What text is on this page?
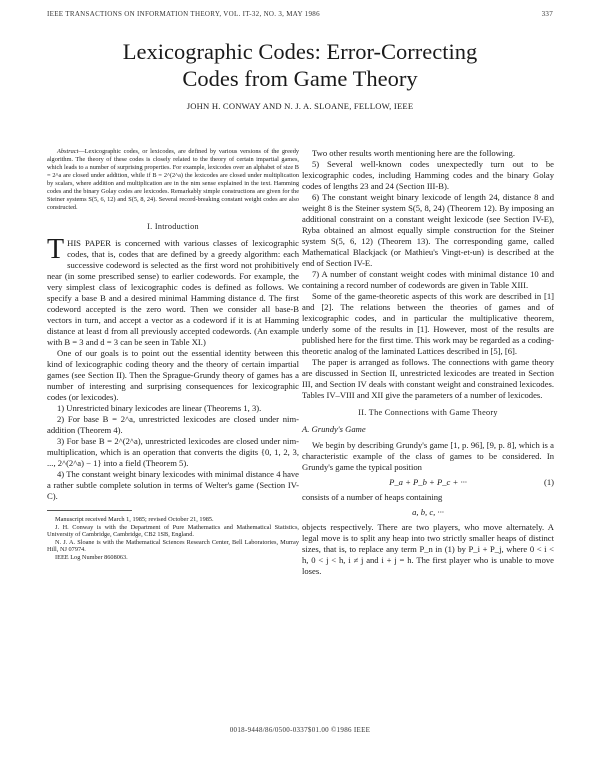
IEEE TRANSACTIONS ON INFORMATION THEORY, VOL. IT-32, NO. 3, MAY 1986	337
Lexicographic Codes: Error-Correcting
Codes from Game Theory
JOHN H. CONWAY AND N. J. A. SLOANE, FELLOW, IEEE
Abstract—Lexicographic codes, or lexicodes, are defined by various versions of the greedy algorithm. The theory of these codes is closely related to the theory of certain impartial games, which leads to a number of surprising properties. For example, lexicodes over an alphabet of size B = 2^a are closed under addition, while if B = 2^(2^a) the lexicodes are closed under multiplication by scalars, where addition and multiplication are in the nim sense explained in the text. Hamming codes and the binary Golay codes are lexicodes. Remarkably simple constructions are given for the Steiner systems S(5, 6, 12) and S(5, 8, 24). Several record-breaking constant weight codes are also constructed.
I. Introduction

THIS PAPER is concerned with various classes of lexicographic codes, that is, codes that are defined by a greedy algorithm: each successive codeword is selected as the first word not prohibitively near (in some prescribed sense) to earlier codewords. For example, the very simplest class of lexicographic codes is defined as follows. We specify a base B and a desired minimal Hamming distance d. The first codeword accepted is the zero word. Then we consider all base-B vectors in turn, and accept a vector as a codeword if it is at Hamming distance at least d from all previously accepted codewords. (An example with B = 3 and d = 3 can be seen in Table XI.)

One of our goals is to point out the essential identity between this kind of lexicographic coding theory and the theory of certain impartial games (see Section II). Then the Sprague-Grundy theory of games has a number of interesting and surprising consequences for lexicographic codes (or lexicodes).

1) Unrestricted binary lexicodes are linear (Theorems 1, 3).

2) For base B = 2^a, unrestricted lexicodes are closed under nim-addition (Theorem 4).

3) For base B = 2^(2^a), unrestricted lexicodes are closed under nim-multiplication, which is an operation that converts the digits {0, 1, 2, 3, ..., 2^(2^a) − 1} into a field (Theorem 5).

4) The constant weight binary lexicodes with minimal distance 4 have a rather subtle complete solution in terms of Welter's game (Section IV-C).

Manuscript received March 1, 1985; revised October 21, 1985.

J. H. Conway is with the Department of Pure Mathematics and Mathematical Statistics, University of Cambridge, Cambridge, CB2 1SB, England.

N. J. A. Sloane is with the Mathematical Sciences Research Center, Bell Laboratories, Murray Hill, NJ 07974.

IEEE Log Number 8608063.

Two other results worth mentioning here are the following.

5) Several well-known codes unexpectedly turn out to be lexicographic codes, including Hamming codes and the binary Golay codes of lengths 23 and 24 (Section III-B).

6) The constant weight binary lexicode of length 24, distance 8 and weight 8 is the Steiner system S(5, 8, 24) (Theorem 12). By imposing an additional constraint on a constant weight lexicode (see Section IV-E), Ryba obtained an almost equally simple construction for the Steiner system S(5, 6, 12) (Theorem 13). The corresponding game, called Mathematical Blackjack (or Mathieu's Vingt-et-un) is described at the end of Section IV-E.

7) A number of constant weight codes with minimal distance 10 and containing a record number of codewords are given in Table XIII.

Some of the game-theoretic aspects of this work are described in [1] and [2]. The relations between the theories of games and of lexicographic codes, and in particular the multiplicative theorem, underly some of the results in [1]. However, most of the results are published here for the first time. This work may be regarded as a coding-theoretic analog of the laminated Lattices described in [5], [6].

The paper is arranged as follows. The connections with game theory are discussed in Section II, unrestricted lexicodes are treated in Section III, and Section IV deals with constant weight and constrained lexicodes. Tables IV–VIII and XII give the parameters of a number of lexicodes.

II. The Connections with Game Theory
A. Grundy's Game

We begin by describing Grundy's game [1, p. 96], [9, p. 8], which is a characteristic example of the class of games to be considered. In Grundy's game the typical position

P_a + P_b + P_c + ···	(1)

consists of a number of heaps containing

a, b, c, ···

objects respectively. There are two players, who move alternately. A legal move is to split any heap into two strictly smaller heaps of distinct sizes, that is, to replace any term P_n in (1) by P_i + P_j, where 0 < i < h, 0 < j < h, i ≠ j and i + j = h. The first player who is unable to move loses.

0018-9448/86/0500-0337$01.00 ©1986 IEEE
